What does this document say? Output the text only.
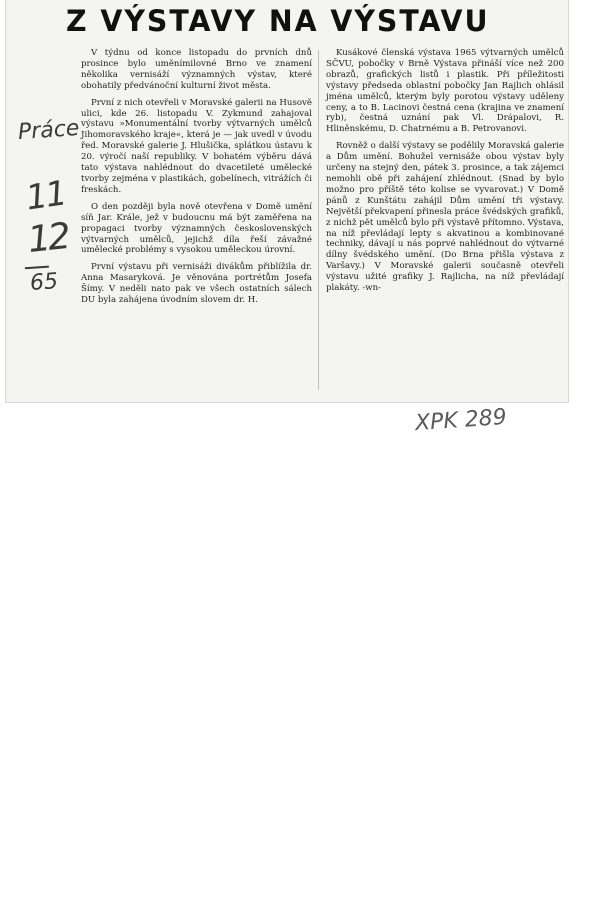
Z VÝSTAVY NA VÝSTAVU

V týdnu od konce listopadu do prvních dnů prosince bylo uměnímilovné Brno ve znamení několika vernisáží významných výstav, které obohatily předvánoční kulturní život města.

První z nich otevřeli v Moravské galerii na Husově ulici, kde 26. listopadu V. Zykmund zahajoval výstavu »Monumentální tvorby výtvarných umělců Jihomoravského kraje«, která je — jak uvedl v úvodu řed. Moravské galerie J. Hlušička, splátkou ústavu k 20. výročí naší republiky. V bohatém výběru dává tato výstava nahlédnout do dvacetileté umělecké tvorby zejména v plastikách, gobelínech, vitrážích či freskách.

O den později byla nově otevřena v Domě umění síň Jar. Krále, jež v budoucnu má být zaměřena na propagaci tvorby významných československých výtvarných umělců, jejichž díla řeší závažné umělecké problémy s vysokou uměleckou úrovní.

První výstavu při vernisáži divákům přiblížila dr. Anna Masaryková. Je věnována portrétům Josefa Šímy. V neděli nato pak ve všech ostatních sálech DU byla zahájena úvodním slovem dr. H.

Kusákové členská výstava 1965 výtvarných umělců SČVU, pobočky v Brně Výstava přináší více než 200 obrazů, grafických listů i plastik. Při příležitosti výstavy předseda oblastní pobočky Jan Rajlich ohlásil jména umělců, kterým byly porotou výstavy uděleny ceny, a to B. Lacinovi čestná cena (krajina ve znamení ryb), čestná uznání pak Vl. Drápalovi, R. Hliněnskému, D. Chatrnému a B. Petrovanovi.

Rovněž o další výstavy se podělily Moravská galerie a Dům umění. Bohužel vernisáže obou výstav byly určeny na stejný den, pátek 3. prosince, a tak zájemci nemohli obě při zahájení zhlédnout. (Snad by bylo možno pro příště této kolise se vyvarovat.) V Domě pánů z Kunštátu zahájil Dům umění tři výstavy. Největší překvapení přinesla práce švédských grafiků, z nichž pět umělců bylo při výstavě přítomno. Výstava, na níž převládají lepty s akvatinou a kombinované techniky, dávají u nás poprvé nahlédnout do výtvarné dílny švédského umění. (Do Brna přišla výstava z Varšavy.) V Moravské galerii současně otevřeli výstavu užité grafiky J. Rajlicha, na níž převládají plakáty. -wn-

Práce
11
12
65
XPK 289
